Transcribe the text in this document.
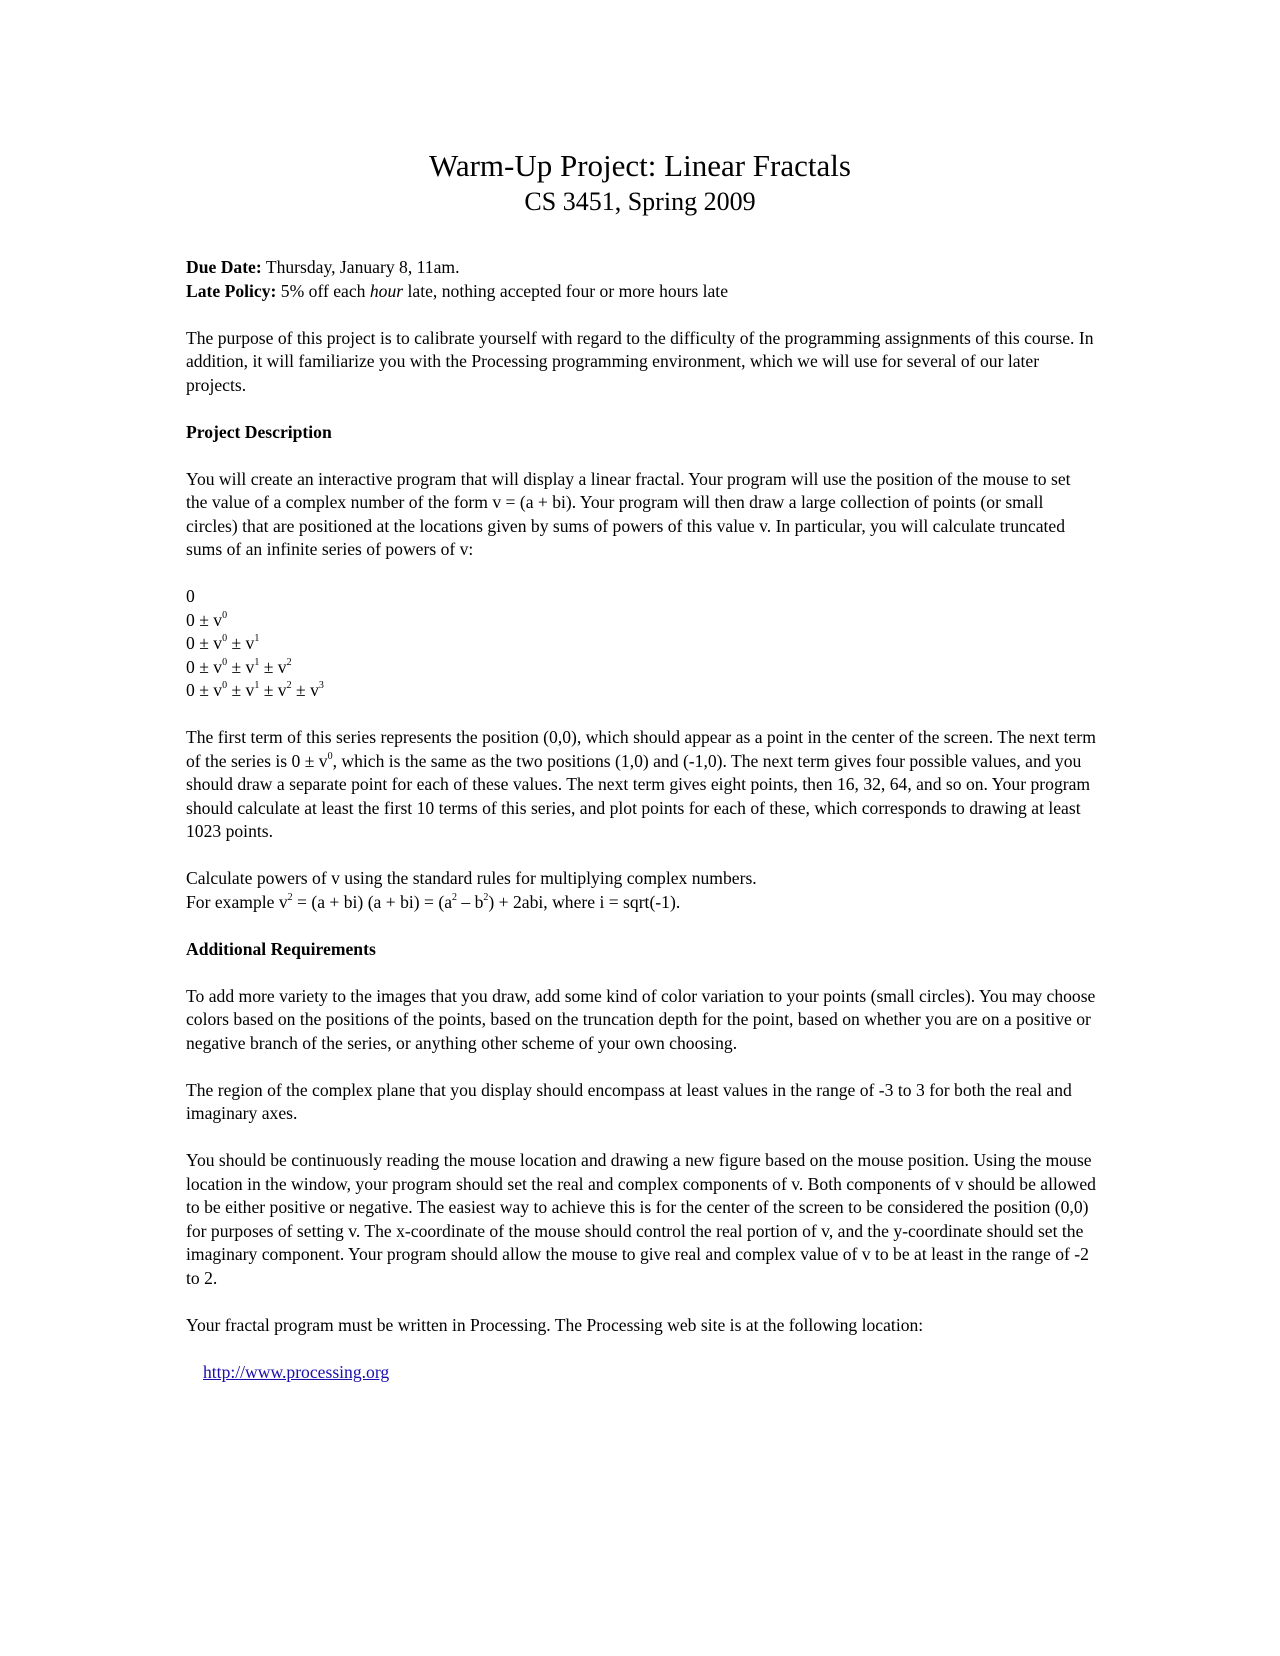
Warm-Up Project: Linear Fractals
CS 3451, Spring 2009

Due Date: Thursday, January 8, 11am.

Late Policy: 5% off each hour late, nothing accepted four or more hours late

The purpose of this project is to calibrate yourself with regard to the difficulty of the programming assignments of this course. In addition, it will familiarize you with the Processing programming environment, which we will use for several of our later projects.

Project Description

You will create an interactive program that will display a linear fractal. Your program will use the position of the mouse to set the value of a complex number of the form v = (a + bi). Your program will then draw a large collection of points (or small circles) that are positioned at the locations given by sums of powers of this value v. In particular, you will calculate truncated sums of an infinite series of powers of v:

0

$0 \pm v^0$

$0 \pm v^0 \pm v^1$

$0 \pm v^0 \pm v^1 \pm v^2$

$0 \pm v^0 \pm v^1 \pm v^2 \pm v^3$

The first term of this series represents the position (0,0), which should appear as a point in the center of the screen. The next term of the series is $0 \pm v^0$, which is the same as the two positions (1,0) and (-1,0). The next term gives four possible values, and you should draw a separate point for each of these values. The next term gives eight points, then 16, 32, 64, and so on. Your program should calculate at least the first 10 terms of this series, and plot points for each of these, which corresponds to drawing at least 1023 points.

Calculate powers of v using the standard rules for multiplying complex numbers.

For example $v^2 = (a + bi) (a + bi) = (a^2 - b^2) + 2abi$, where i = sqrt(-1).

Additional Requirements

To add more variety to the images that you draw, add some kind of color variation to your points (small circles). You may choose colors based on the positions of the points, based on the truncation depth for the point, based on whether you are on a positive or negative branch of the series, or anything other scheme of your own choosing.

The region of the complex plane that you display should encompass at least values in the range of -3 to 3 for both the real and imaginary axes.

You should be continuously reading the mouse location and drawing a new figure based on the mouse position. Using the mouse location in the window, your program should set the real and complex components of v. Both components of v should be allowed to be either positive or negative. The easiest way to achieve this is for the center of the screen to be considered the position (0,0) for purposes of setting v. The x-coordinate of the mouse should control the real portion of v, and the y-coordinate should set the imaginary component. Your program should allow the mouse to give real and complex value of v to be at least in the range of -2 to 2.

Your fractal program must be written in Processing. The Processing web site is at the following location:

http://www.processing.org
